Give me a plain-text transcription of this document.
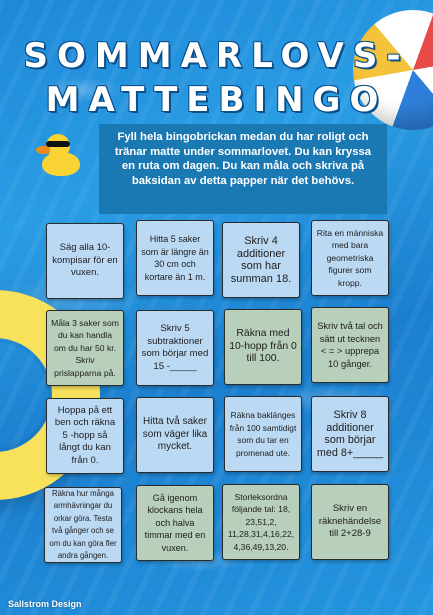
SOMMARLOVS-
MATTEBINGO
Fyll hela bingobrickan medan du har roligt och tränar matte under sommarlovet. Du kan kryssa en ruta om dagen. Du kan måla och skriva på baksidan av detta papper när det behövs.
Säg alla 10-kompisar för en vuxen.
Hitta 5 saker som är längre än 30 cm och kortare än 1 m.
Skriv 4 additioner som har summan 18.
Rita en människa med bara geometriska figurer som kropp.
Måla 3 saker som du kan handla om du har 50 kr. Skriv prislapparna på.
Skriv 5 subtraktioner som börjar med 15 -_____
Räkna med 10-hopp från 0 till 100.
Skriv två tal och sätt ut tecknen < = > upprepa 10 gånger.
Hoppa på ett ben och räkna 5 -hopp så långt du kan från 0.
Hitta två saker som väger lika mycket.
Räkna baklänges från 100 samtidigt som du tar en promenad ute.
Skriv 8 additioner som börjar med 8+_____
Räkna hur många armhävningar du orkar göra. Testa två gånger och se om du kan göra fler andra gången.
Gå igenom klockans hela och halva timmar med en vuxen.
Storleksordna följande tal: 18, 23,51,2, 11,28,31,4,16,22, 4,36,49,13,20.
Skriv en räknehändelse till 2+28-9
Sallstrom Design
